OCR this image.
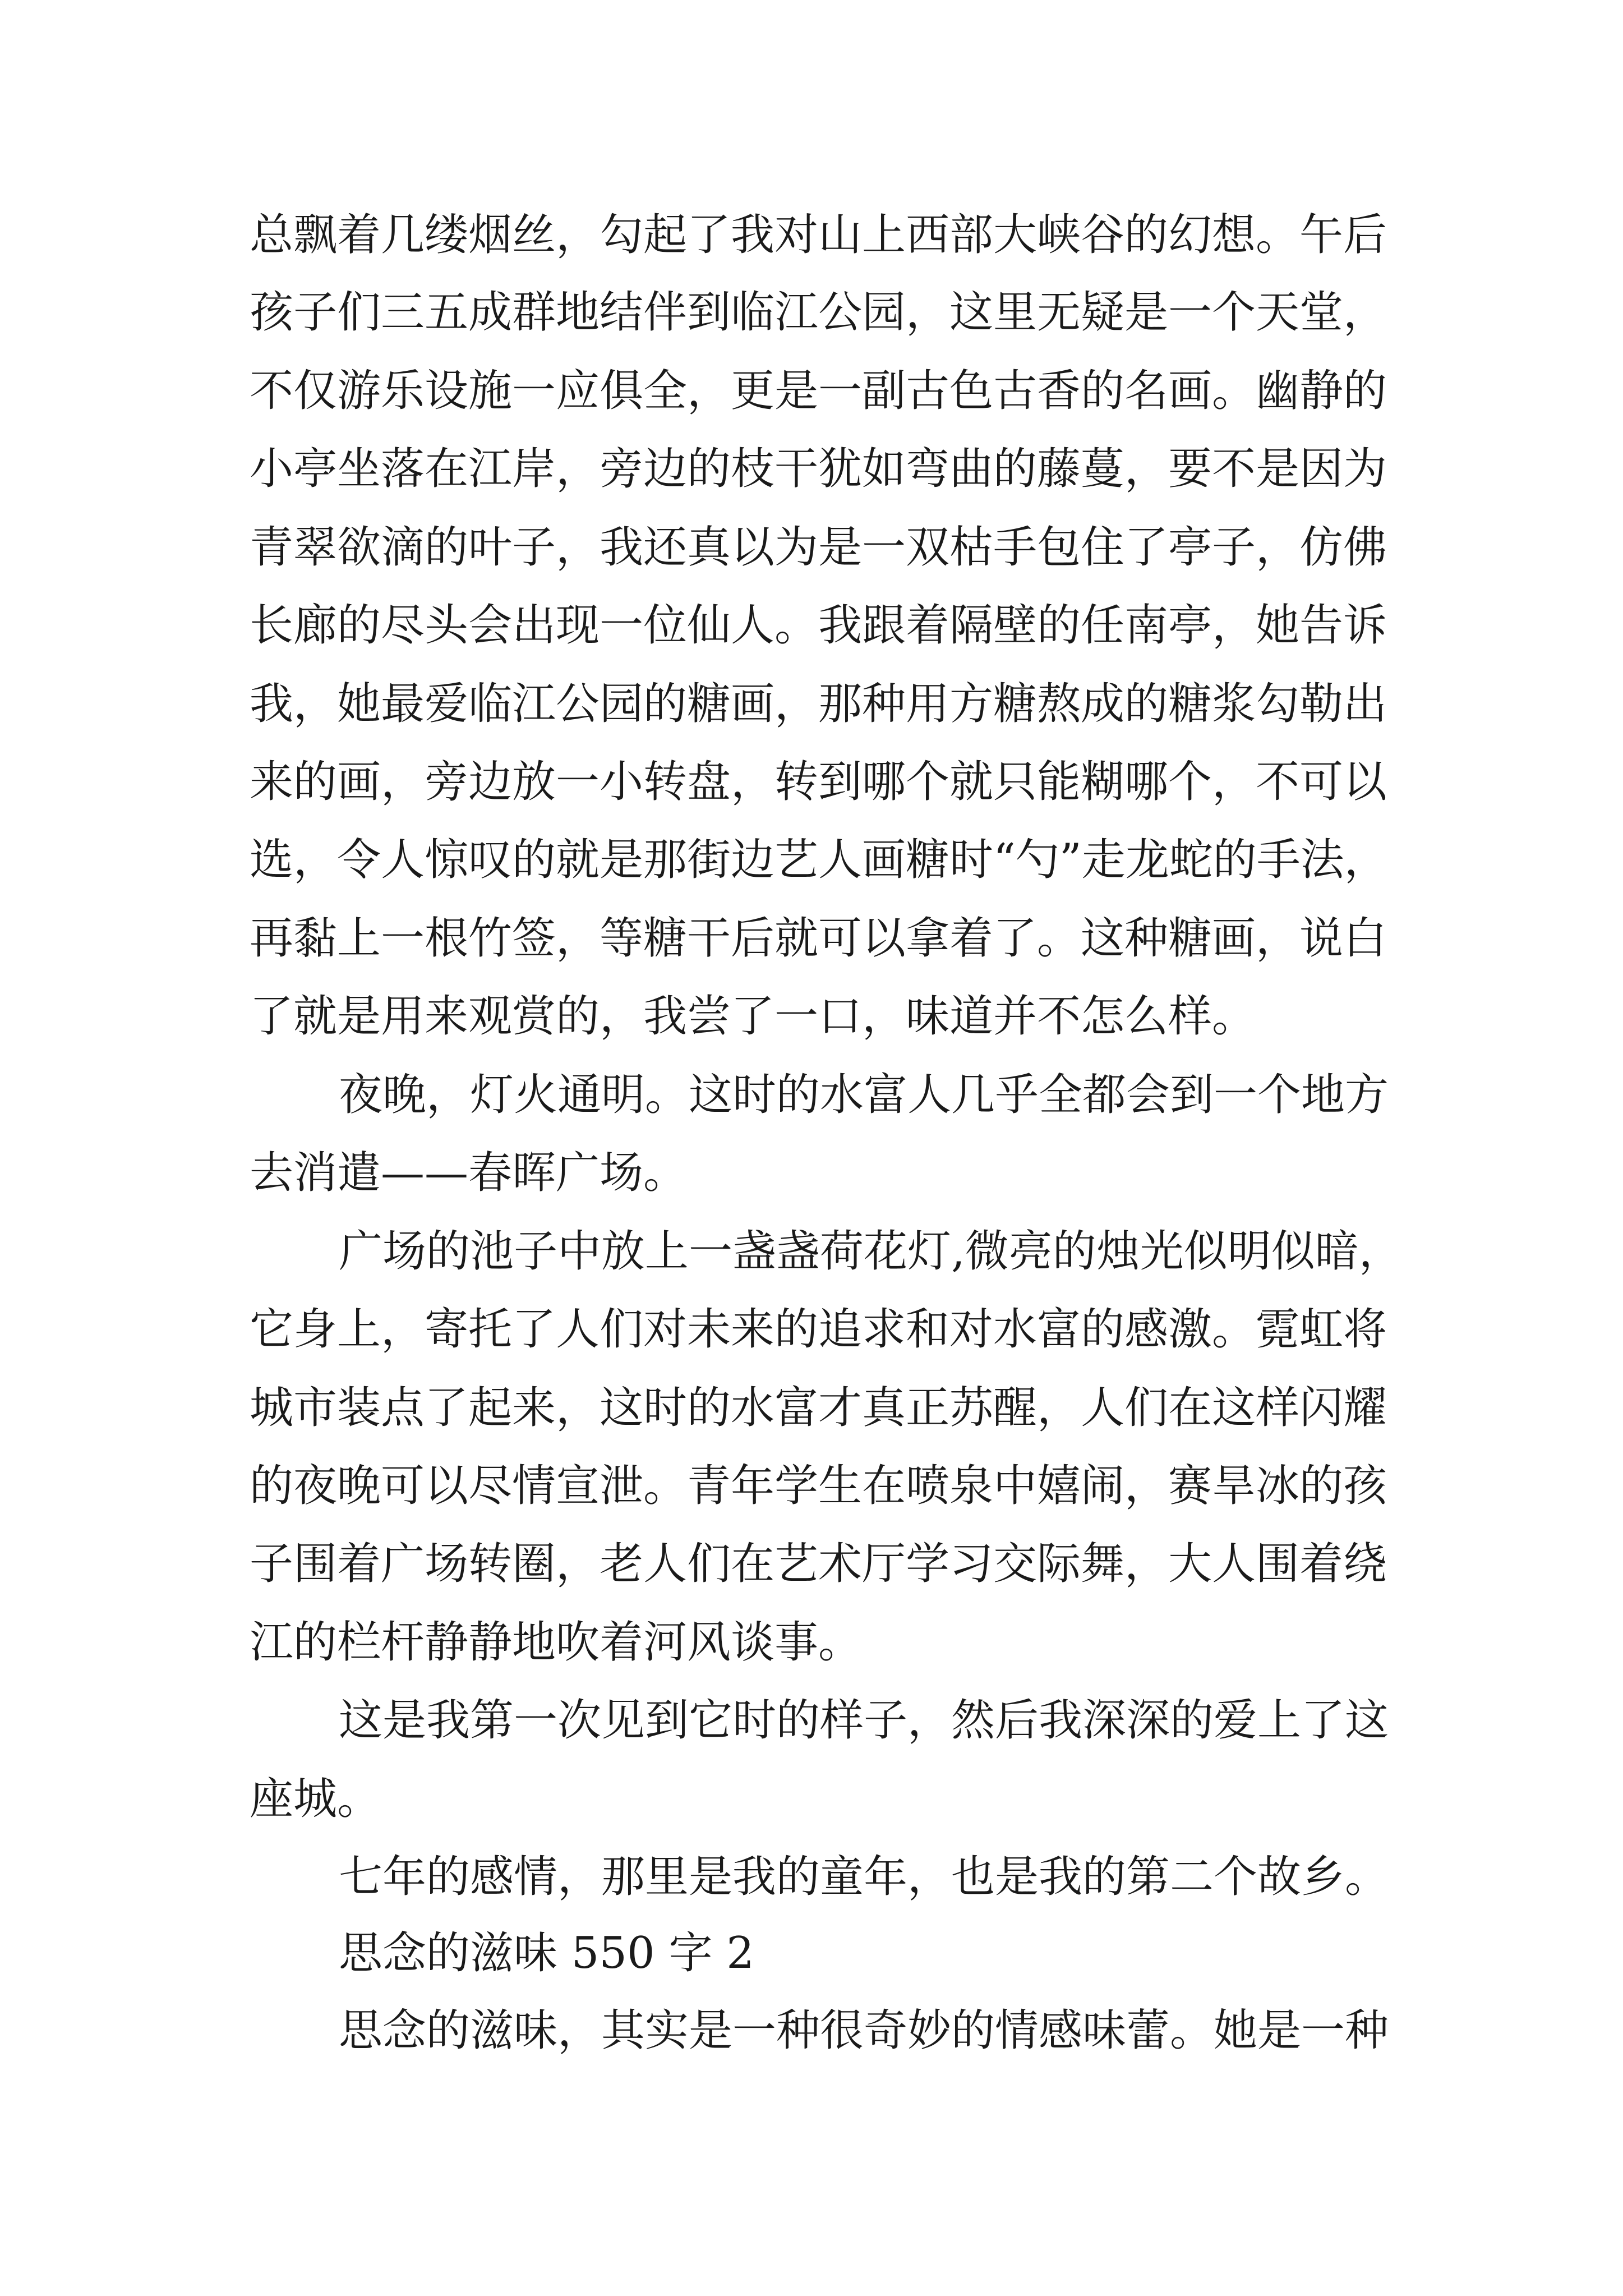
总飘着几缕烟丝，勾起了我对山上西部大峡谷的幻想。午后
孩子们三五成群地结伴到临江公园，这里无疑是一个天堂，
不仅游乐设施一应俱全，更是一副古色古香的名画。幽静的
小亭坐落在江岸，旁边的枝干犹如弯曲的藤蔓，要不是因为
青翠欲滴的叶子，我还真以为是一双枯手包住了亭子，仿佛
长廊的尽头会出现一位仙人。我跟着隔壁的任南亭，她告诉
我，她最爱临江公园的糖画，那种用方糖熬成的糖浆勾勒出
来的画，旁边放一小转盘，转到哪个就只能糊哪个，不可以
选，令人惊叹的就是那街边艺人画糖时“勺”走龙蛇的手法，
再黏上一根竹签，等糖干后就可以拿着了。这种糖画，说白
了就是用来观赏的，我尝了一口，味道并不怎么样。
夜晚，灯火通明。这时的水富人几乎全都会到一个地方
去消遣——春晖广场。
广场的池子中放上一盏盏荷花灯,微亮的烛光似明似暗，
它身上，寄托了人们对未来的追求和对水富的感激。霓虹将
城市装点了起来，这时的水富才真正苏醒，人们在这样闪耀
的夜晚可以尽情宣泄。青年学生在喷泉中嬉闹，赛旱冰的孩
子围着广场转圈，老人们在艺术厅学习交际舞，大人围着绕
江的栏杆静静地吹着河风谈事。
这是我第一次见到它时的样子，然后我深深的爱上了这
座城。
七年的感情，那里是我的童年，也是我的第二个故乡。
思念的滋味 550 字 2
思念的滋味，其实是一种很奇妙的情感味蕾。她是一种
